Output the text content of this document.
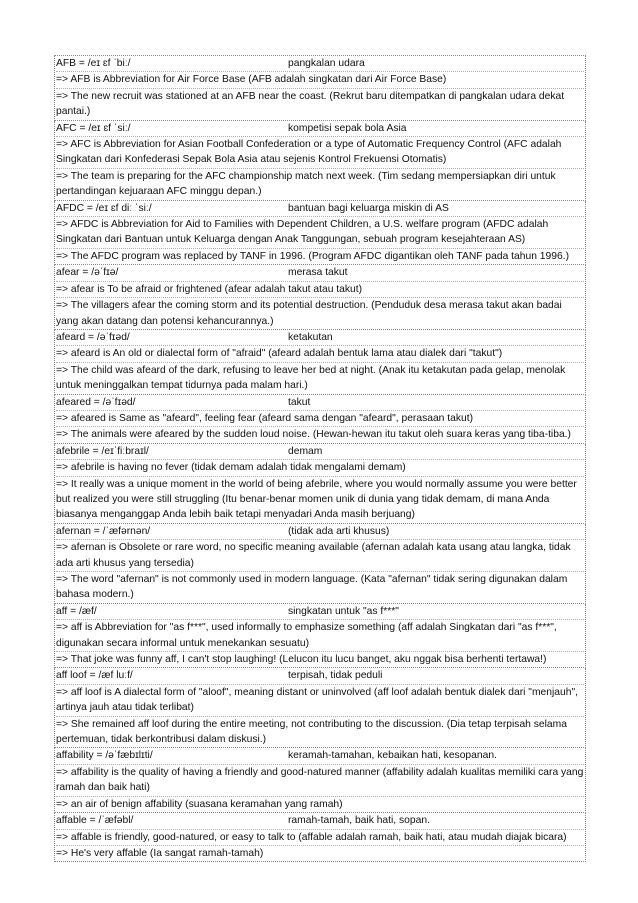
AFB = /eɪ ɛf ˈbiː/	pangkalan udara
=> AFB is Abbreviation for Air Force Base (AFB adalah singkatan dari Air Force Base)
=> The new recruit was stationed at an AFB near the coast. (Rekrut baru ditempatkan di pangkalan udara dekat pantai.)
AFC = /eɪ ɛf ˈsiː/	kompetisi sepak bola Asia
=> AFC is Abbreviation for Asian Football Confederation or a type of Automatic Frequency Control (AFC adalah Singkatan dari Konfederasi Sepak Bola Asia atau sejenis Kontrol Frekuensi Otomatis)
=> The team is preparing for the AFC championship match next week. (Tim sedang mempersiapkan diri untuk pertandingan kejuaraan AFC minggu depan.)
AFDC = /eɪ ɛf diː ˈsiː/	bantuan bagi keluarga miskin di AS
=> AFDC is Abbreviation for Aid to Families with Dependent Children, a U.S. welfare program (AFDC adalah Singkatan dari Bantuan untuk Keluarga dengan Anak Tanggungan, sebuah program kesejahteraan AS)
=> The AFDC program was replaced by TANF in 1996. (Program AFDC digantikan oleh TANF pada tahun 1996.)
afear = /əˈfɪə/	merasa takut
=> afear is To be afraid or frightened (afear adalah takut atau takut)
=> The villagers afear the coming storm and its potential destruction. (Penduduk desa merasa takut akan badai yang akan datang dan potensi kehancurannya.)
afeard = /əˈfɪəd/	ketakutan
=> afeard is An old or dialectal form of "afraid" (afeard adalah bentuk lama atau dialek dari "takut")
=> The child was afeard of the dark, refusing to leave her bed at night. (Anak itu ketakutan pada gelap, menolak untuk meninggalkan tempat tidurnya pada malam hari.)
afeared = /əˈfɪəd/	takut
=> afeared is Same as "afeard", feeling fear (afeard sama dengan "afeard", perasaan takut)
=> The animals were afeared by the sudden loud noise. (Hewan-hewan itu takut oleh suara keras yang tiba-tiba.)
afebrile = /eɪˈfiːbraɪl/	demam
=> afebrile is having no fever (tidak demam adalah tidak mengalami demam)
=> It really was a unique moment in the world of being afebrile, where you would normally assume you were better but realized you were still struggling (Itu benar-benar momen unik di dunia yang tidak demam, di mana Anda biasanya menganggap Anda lebih baik tetapi menyadari Anda masih berjuang)
afernan = /ˈæfərnən/	(tidak ada arti khusus)
=> afernan is Obsolete or rare word, no specific meaning available (afernan adalah kata usang atau langka, tidak ada arti khusus yang tersedia)
=> The word "afernan" is not commonly used in modern language. (Kata "afernan" tidak sering digunakan dalam bahasa modern.)
aff = /æf/	singkatan untuk "as f***"
=> aff is Abbreviation for "as f***", used informally to emphasize something (aff adalah Singkatan dari "as f***", digunakan secara informal untuk menekankan sesuatu)
=> That joke was funny aff, I can't stop laughing! (Lelucon itu lucu banget, aku nggak bisa berhenti tertawa!)
aff loof = /æf luːf/	terpisah, tidak peduli
=> aff loof is A dialectal form of "aloof", meaning distant or uninvolved (aff loof adalah bentuk dialek dari "menjauh", artinya jauh atau tidak terlibat)
=> She remained aff loof during the entire meeting, not contributing to the discussion. (Dia tetap terpisah selama pertemuan, tidak berkontribusi dalam diskusi.)
affability = /əˈfæbɪlɪti/	keramah-tamahan, kebaikan hati, kesopanan.
=> affability is the quality of having a friendly and good-natured manner (affability adalah kualitas memiliki cara yang ramah dan baik hati)
=> an air of benign affability (suasana keramahan yang ramah)
affable = /ˈæfəbl/	ramah-tamah, baik hati, sopan.
=> affable is friendly, good-natured, or easy to talk to (affable adalah ramah, baik hati, atau mudah diajak bicara)
=> He's very affable (Ia sangat ramah-tamah)
